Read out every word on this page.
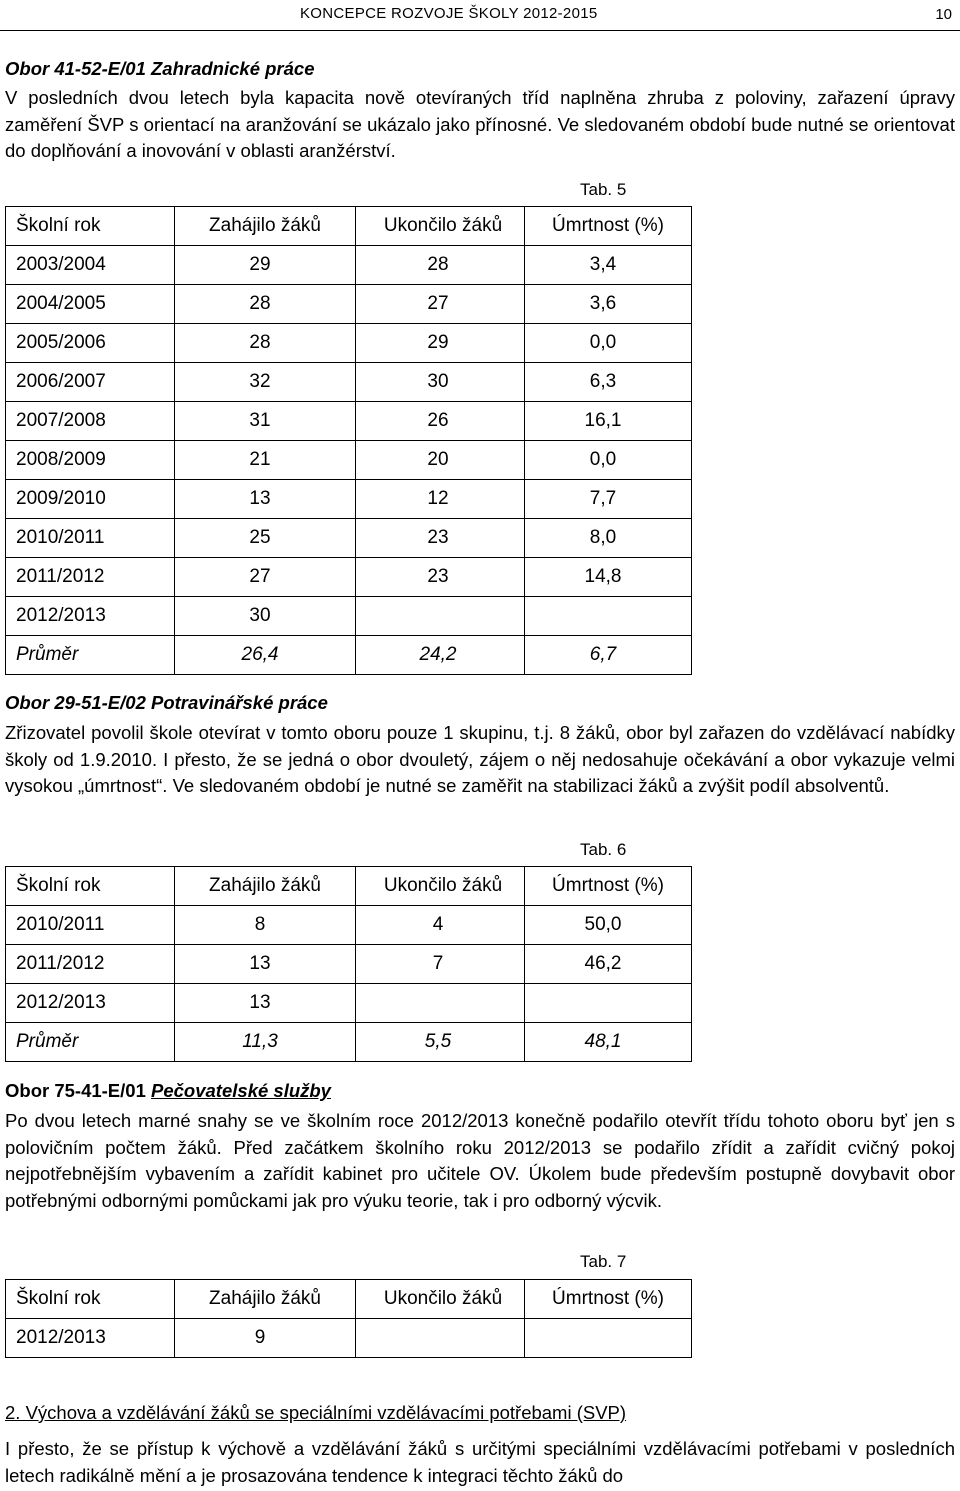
KONCEPCE ROZVOJE ŠKOLY 2012-2015	10

Obor 41-52-E/01 Zahradnické práce

V posledních dvou letech byla kapacita nově otevíraných tříd naplněna zhruba z poloviny, zařazení úpravy zaměření ŠVP s orientací na aranžování se ukázalo jako přínosné. Ve sledovaném období bude nutné se orientovat do doplňování a inovování v oblasti aranžérství.

Tab. 5
Školní rok	Zahájilo žáků	Ukončilo žáků	Úmrtnost (%)
2003/2004	29	28	3,4
2004/2005	28	27	3,6
2005/2006	28	29	0,0
2006/2007	32	30	6,3
2007/2008	31	26	16,1
2008/2009	21	20	0,0
2009/2010	13	12	7,7
2010/2011	25	23	8,0
2011/2012	27	23	14,8
2012/2013	30		
Průměr	26,4	24,2	6,7

Obor 29-51-E/02 Potravinářské práce

Zřizovatel povolil škole otevírat v tomto oboru pouze 1 skupinu, t.j. 8 žáků, obor byl zařazen do vzdělávací nabídky školy od 1.9.2010. I přesto, že se jedná o obor dvouletý, zájem o něj nedosahuje očekávání a obor vykazuje velmi vysokou „úmrtnost“. Ve sledovaném období je nutné se zaměřit na stabilizaci žáků a zvýšit podíl absolventů.

Tab. 6
Školní rok	Zahájilo žáků	Ukončilo žáků	Úmrtnost (%)
2010/2011	8	4	50,0
2011/2012	13	7	46,2
2012/2013	13		
Průměr	11,3	5,5	48,1

Obor 75-41-E/01 Pečovatelské služby

Po dvou letech marné snahy se ve školním roce 2012/2013 konečně podařilo otevřít třídu tohoto oboru byť jen s polovičním počtem žáků. Před začátkem školního roku 2012/2013 se podařilo zřídit a zařídit cvičný pokoj nejpotřebnějším vybavením a zařídit kabinet pro učitele OV. Úkolem bude především postupně dovybavit obor potřebnými odbornými pomůckami jak pro výuku teorie, tak i pro odborný výcvik.

Tab. 7
Školní rok	Zahájilo žáků	Ukončilo žáků	Úmrtnost (%)
2012/2013	9		

2. Výchova a vzdělávání žáků se speciálními vzdělávacími potřebami (SVP)

I přesto, že se přístup k výchově a vzdělávání žáků s určitými speciálními vzdělávacími potřebami v posledních letech radikálně mění a je prosazována tendence k integraci těchto žáků do
